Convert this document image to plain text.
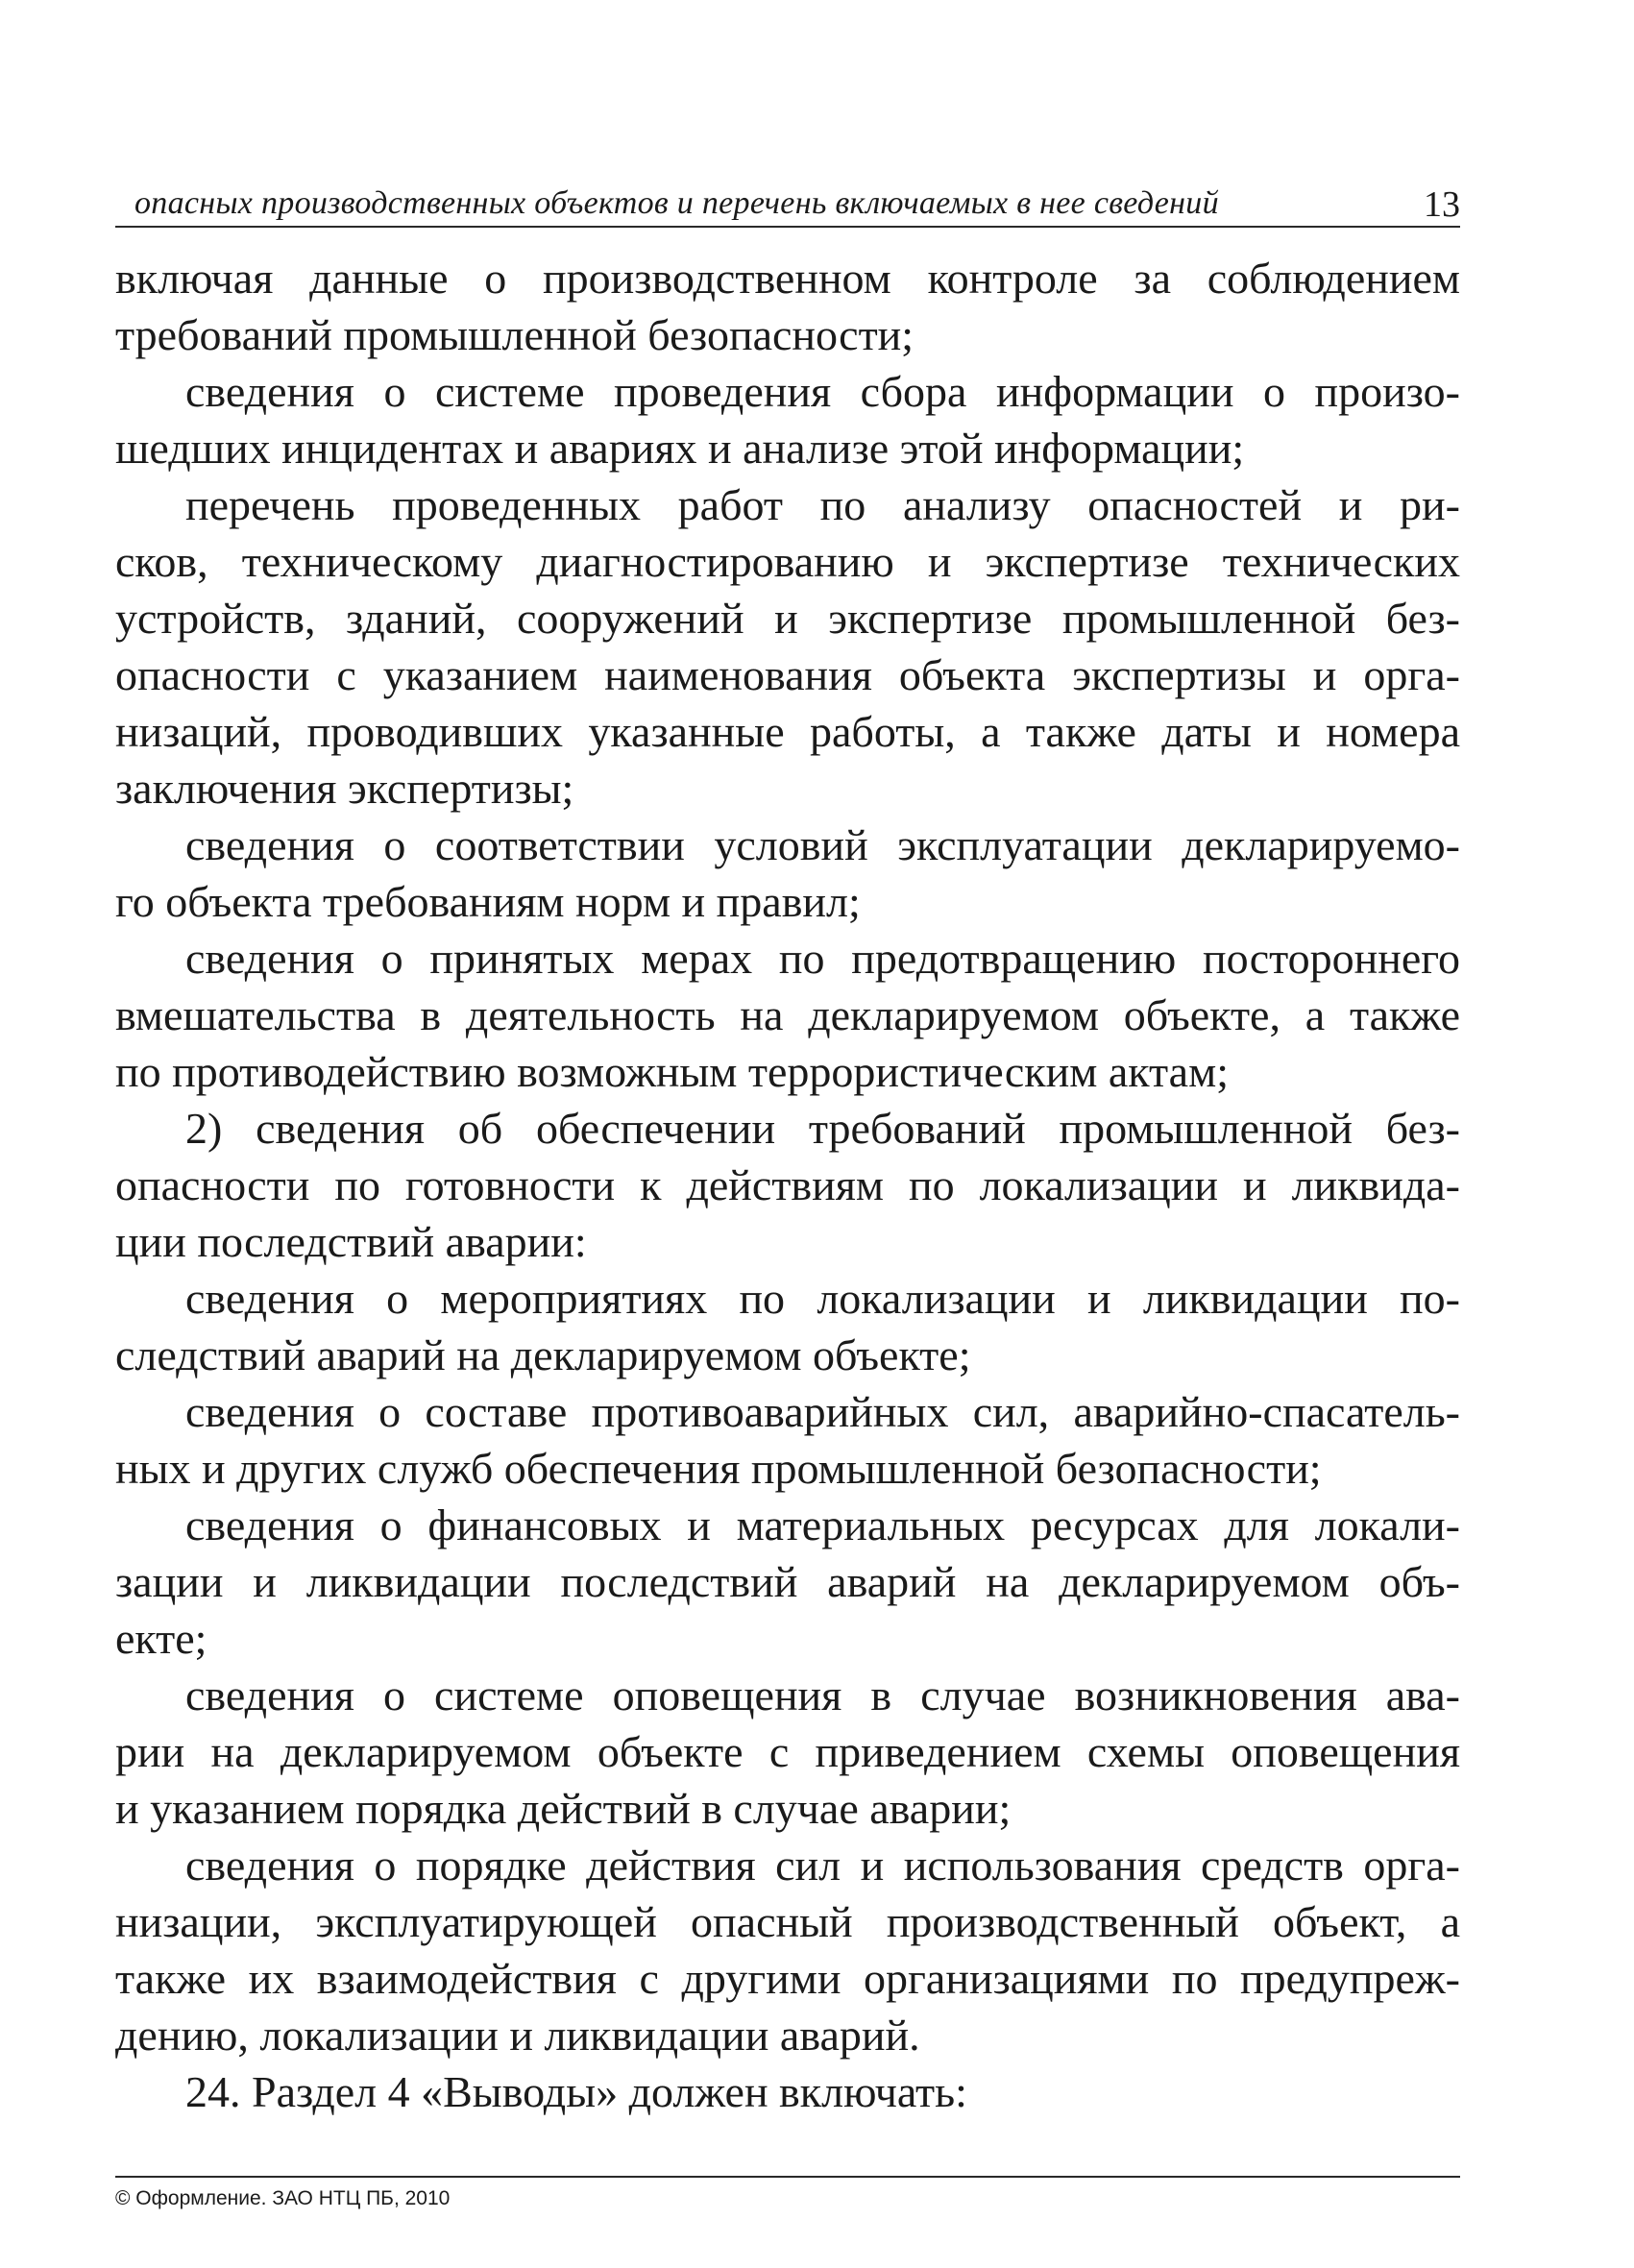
опасных производственных объектов и перечень включаемых в нее сведений	13
включая данные о производственном контроле за соблюдением
требований промышленной безопасности;
сведения о системе проведения сбора информации о произо-
шедших инцидентах и авариях и анализе этой информации;
перечень проведенных работ по анализу опасностей и ри-
сков, техническому диагностированию и экспертизе технических
устройств, зданий, сооружений и экспертизе промышленной без-
опасности с указанием наименования объекта экспертизы и орга-
низаций, проводивших указанные работы, а также даты и номера
заключения экспертизы;
сведения о соответствии условий эксплуатации декларируемо-
го объекта требованиям норм и правил;
сведения о принятых мерах по предотвращению постороннего
вмешательства в деятельность на декларируемом объекте, а также
по противодействию возможным террористическим актам;
2) сведения об обеспечении требований промышленной без-
опасности по готовности к действиям по локализации и ликвида-
ции последствий аварии:
сведения о мероприятиях по локализации и ликвидации по-
следствий аварий на декларируемом объекте;
сведения о составе противоаварийных сил, аварийно-спасатель-
ных и других служб обеспечения промышленной безопасности;
сведения о финансовых и материальных ресурсах для локали-
зации и ликвидации последствий аварий на декларируемом объ-
екте;
сведения о системе оповещения в случае возникновения ава-
рии на декларируемом объекте с приведением схемы оповещения
и указанием порядка действий в случае аварии;
сведения о порядке действия сил и использования средств орга-
низации, эксплуатирующей опасный производственный объект, а
также их взаимодействия с другими организациями по предупреж-
дению, локализации и ликвидации аварий.
24. Раздел 4 «Выводы» должен включать:
© Оформление. ЗАО НТЦ ПБ, 2010
